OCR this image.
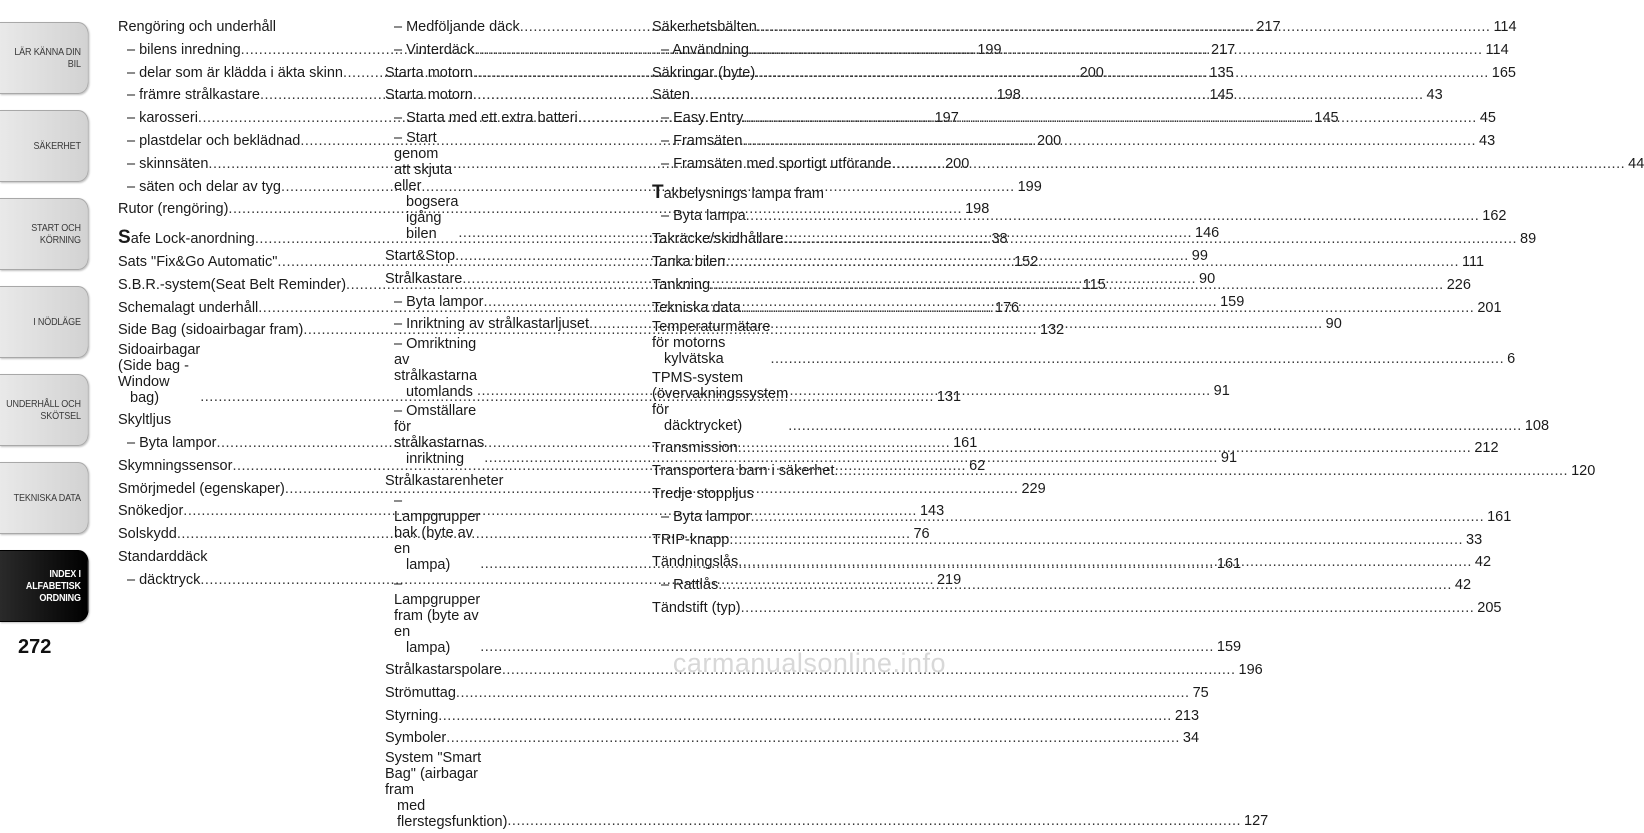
LÄR KÄNNA DIN BIL
SÄKERHET
START OCH
KÖRNING
I NÖDLÄGE
UNDERHÅLL OCH
SKÖTSEL
TEKNISKA DATA
INDEX I
ALFABETISK
ORDNING
272
Rengöring och underhåll
– bilens inredning .....	199
– delar som är klädda i äkta skinn .....	200
– främre strålkastare .....	198
– karosseri .....	197
– plastdelar och beklädnad .....	200
– skinnsäten .....	200
– säten och delar av tyg .....	199
Rutor (rengöring) .....	198
Safe Lock-anordning .....	38
Sats "Fix&Go Automatic" .....	152
S.B.R.-system(Seat Belt Reminder) .....	115
Schemalagt underhåll .....	176
Side Bag (sidoairbagar fram) .....	132
Sidoairbagar (Side bag - Window
bag) .....	131
Skyltljus
– Byta lampor .....	161
Skymningssensor .....	62
Smörjmedel (egenskaper) .....	229
Snökedjor .....	143
Solskydd .....	76
Standarddäck
– däcktryck .....	219
– Medföljande däck .....	217
– Vinterdäck .....	217
Starta motorn .....	135
Starta motorn .....	145
– Starta med ett extra batteri .....	145
– Start genom att skjuta eller
bogsera igång bilen .....	146
Start&Stop .....	99
Strålkastare .....	90
– Byta lampor .....	159
– Inriktning av strålkastarljuset .....	90
– Omriktning av strålkastarna
utomlands .....	91
– Omställare för strålkastarnas
inriktning .....	91
Strålkastarenheter
– Lampgrupper bak (byte av en
lampa) .....	161
– Lampgrupper fram (byte av en
lampa) .....	159
Strålkastarspolare .....	196
Strömuttag .....	75
Styrning .....	213
Symboler .....	34
System "Smart Bag" (airbagar fram
med flerstegsfunktion) .....	127
Säkerhetsbälten .....	114
– Användning .....	114
Säkringar (byte) .....	165
Säten .....	43
– Easy Entry .....	45
– Framsäten .....	43
– Framsäten med sportigt utförande .....	44
Takbelysnings lampa fram
– Byta lampa .....	162
Takräcke/skidhållare .....	89
Tanka bilen .....	111
Tankning .....	226
Tekniska data .....	201
Temperaturmätare för motorns
kylvätska .....	6
TPMS-system (övervakningssystem för
däcktrycket) .....	108
Transmission .....	212
Transportera barn i säkerhet .....	120
Tredje stoppljus
– Byta lampor .....	161
TRIP-knapp .....	33
Tändningslås .....	42
– Rattlås .....	42
Tändstift (typ) .....	205
carmanualsonline.info
